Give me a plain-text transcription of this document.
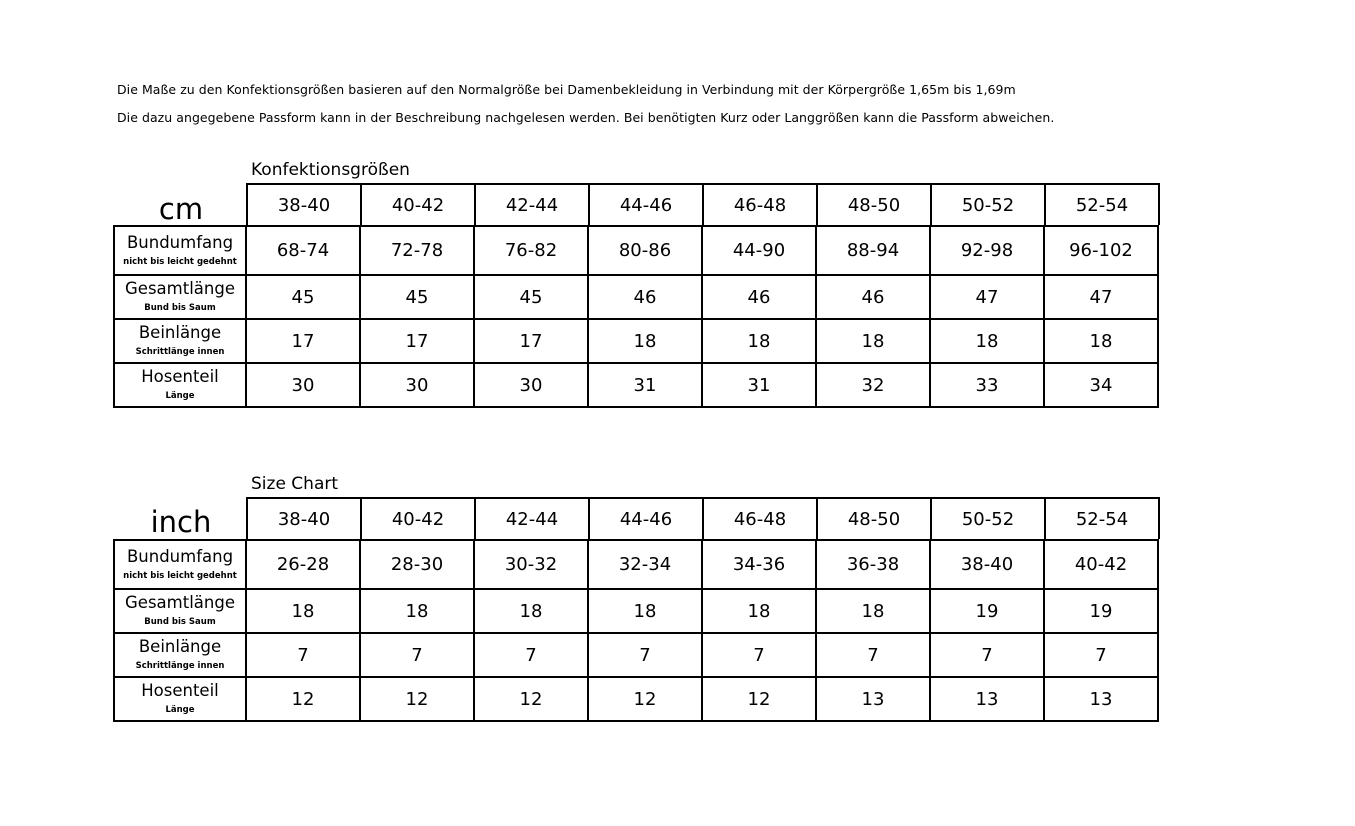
Die Maße zu den Konfektionsgrößen basieren auf den Normalgröße bei Damenbekleidung in Verbindung mit der Körpergröße 1,65m bis 1,69m
Die dazu angegebene Passform kann in der Beschreibung nachgelesen werden. Bei benötigten Kurz oder Langgrößen kann die Passform abweichen.
Konfektionsgrößen
cm	38-40	40-42	42-44	44-46	46-48	48-50	50-52	52-54
Bundumfang
nicht bis leicht gedehnt	68-74	72-78	76-82	80-86	44-90	88-94	92-98	96-102

Gesamtlänge
Bund bis Saum	45	45	45	46	46	46	47	47

Beinlänge
Schrittlänge innen	17	17	17	18	18	18	18	18

Hosenteil
Länge	30	30	30	31	31	32	33	34
Size Chart
inch	38-40	40-42	42-44	44-46	46-48	48-50	50-52	52-54
Bundumfang
nicht bis leicht gedehnt	26-28	28-30	30-32	32-34	34-36	36-38	38-40	40-42

Gesamtlänge
Bund bis Saum	18	18	18	18	18	18	19	19

Beinlänge
Schrittlänge innen	7	7	7	7	7	7	7	7

Hosenteil
Länge	12	12	12	12	12	13	13	13
